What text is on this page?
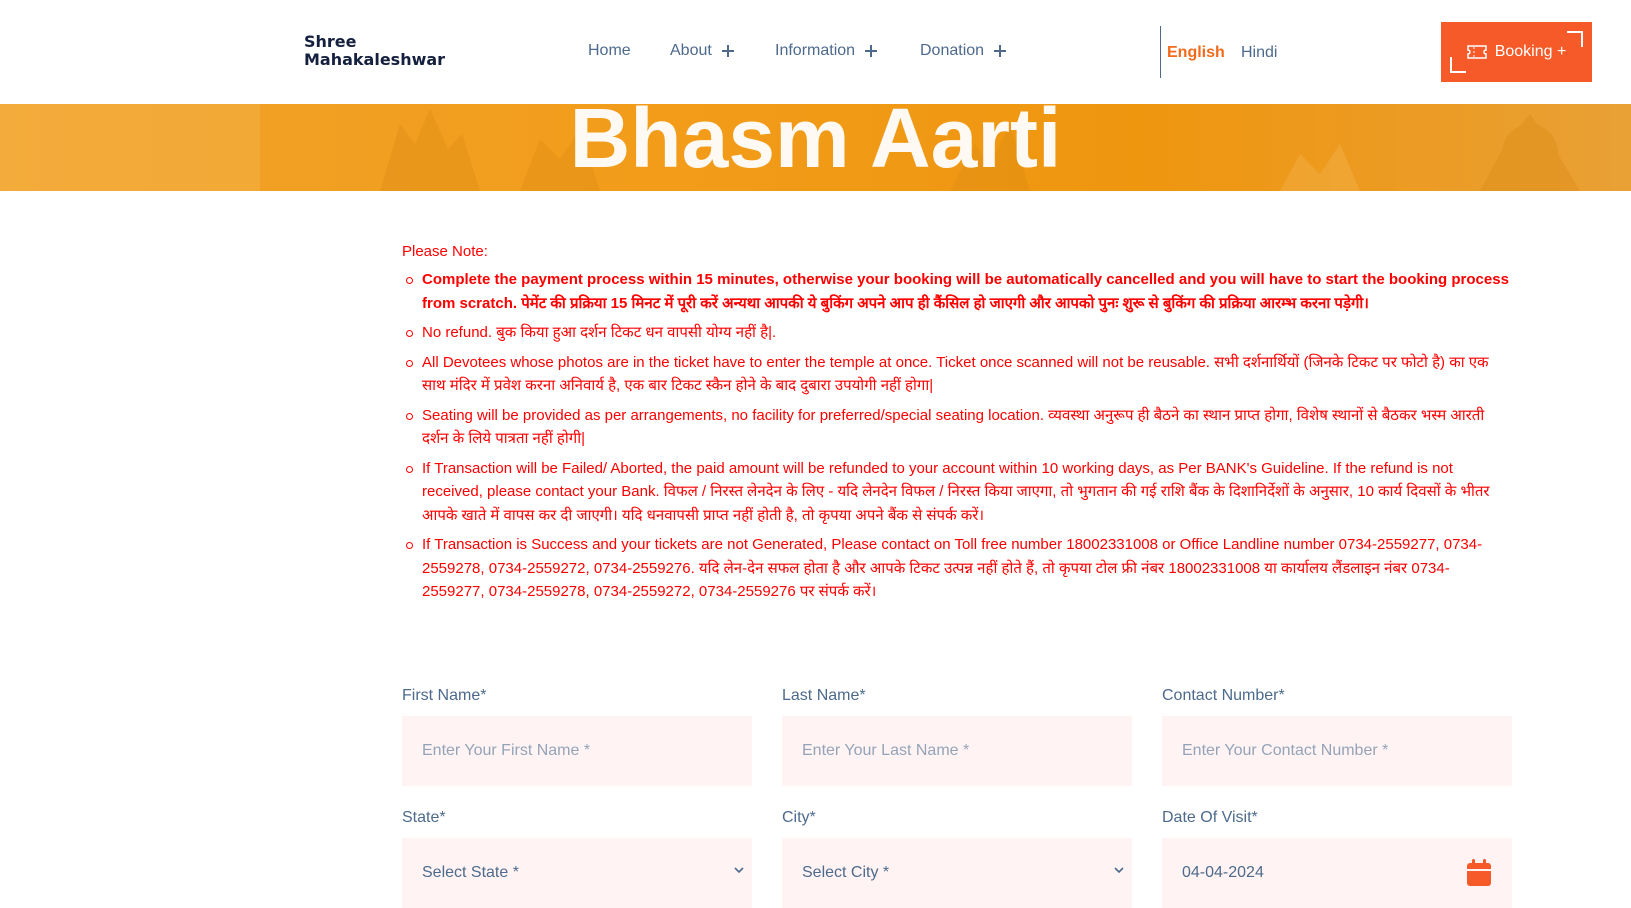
Shree
Mahakaleshwar	Home About	Information	Donation	English Hindi	Booking +
Bhasm Aarti
Please Note:
Complete the payment process within 15 minutes, otherwise your booking will be automatically cancelled and you will have to start the booking process from scratch. पेमेंट की प्रक्रिया 15 मिनट में पूरी करें अन्यथा आपकी ये बुकिंग अपने आप ही कैंसिल हो जाएगी और आपको पुनः शुरू से बुकिंग की प्रक्रिया आरम्भ करना पड़ेगी।
No refund. बुक किया हुआ दर्शन टिकट धन वापसी योग्य नहीं है|.
All Devotees whose photos are in the ticket have to enter the temple at once. Ticket once scanned will not be reusable. सभी दर्शनार्थियों (जिनके टिकट पर फोटो है) का एक साथ मंदिर में प्रवेश करना अनिवार्य है, एक बार टिकट स्कैन होने के बाद दुबारा उपयोगी नहीं होगा|
Seating will be provided as per arrangements, no facility for preferred/special seating location. व्यवस्था अनुरूप ही बैठने का स्थान प्राप्त होगा, विशेष स्थानों से बैठकर भस्म आरती दर्शन के लिये पात्रता नहीं होगी|
If Transaction will be Failed/ Aborted, the paid amount will be refunded to your account within 10 working days, as Per BANK's Guideline. If the refund is not received, please contact your Bank. विफल / निरस्त लेनदेन के लिए - यदि लेनदेन विफल / निरस्त किया जाएगा, तो भुगतान की गई राशि बैंक के दिशानिर्देशों के अनुसार, 10 कार्य दिवसों के भीतर आपके खाते में वापस कर दी जाएगी। यदि धनवापसी प्राप्त नहीं होती है, तो कृपया अपने बैंक से संपर्क करें।
If Transaction is Success and your tickets are not Generated, Please contact on Toll free number 18002331008 or Office Landline number 0734-2559277, 0734-2559278, 0734-2559272, 0734-2559276. यदि लेन-देन सफल होता है और आपके टिकट उत्पन्न नहीं होते हैं, तो कृपया टोल फ्री नंबर 18002331008 या कार्यालय लैंडलाइन नंबर 0734-2559277, 0734-2559278, 0734-2559272, 0734-2559276 पर संपर्क करें।
First Name*
Enter Your First Name *
Last Name*
Enter Your Last Name *
Contact Number*
Enter Your Contact Number *
State*
Select State *
City*
Select City *
Date Of Visit*
04-04-2024
